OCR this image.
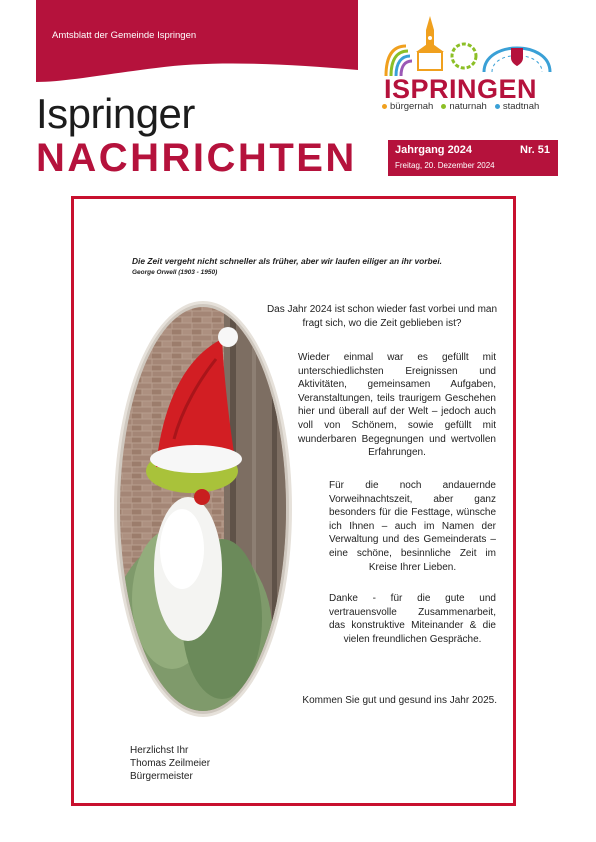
Amtsblatt der Gemeinde Ispringen
Ispringer
NACHRICHTEN
ISPRINGEN
bürgernah naturnah stadtnah
Jahrgang 2024	Nr. 51
Freitag, 20. Dezember 2024
Die Zeit vergeht nicht schneller als früher, aber wir laufen eiliger an ihr vorbei.
George Orwell (1903 - 1950)
Das Jahr 2024 ist schon wieder fast vorbei und man fragt sich, wo die Zeit geblieben ist?
Wieder einmal war es gefüllt mit unterschiedlichsten Ereignissen und Aktivitäten, gemeinsamen Aufgaben, Veranstaltungen, teils traurigem Geschehen hier und überall auf der Welt – jedoch auch voll von Schönem, sowie gefüllt mit wunderbaren Begegnungen und wertvollen Erfahrungen.
Für die noch andauernde Vorweihnachtszeit, aber ganz besonders für die Festtage, wünsche ich Ihnen – auch im Namen der Verwaltung und des Gemeinderats – eine schöne, besinnliche Zeit im Kreise Ihrer Lieben.
Danke - für die gute und vertrauensvolle Zusammenarbeit, das konstruktive Miteinander & die vielen freundlichen Gespräche.
Kommen Sie gut und gesund ins Jahr 2025.
Herzlichst Ihr
Thomas Zeilmeier
Bürgermeister
